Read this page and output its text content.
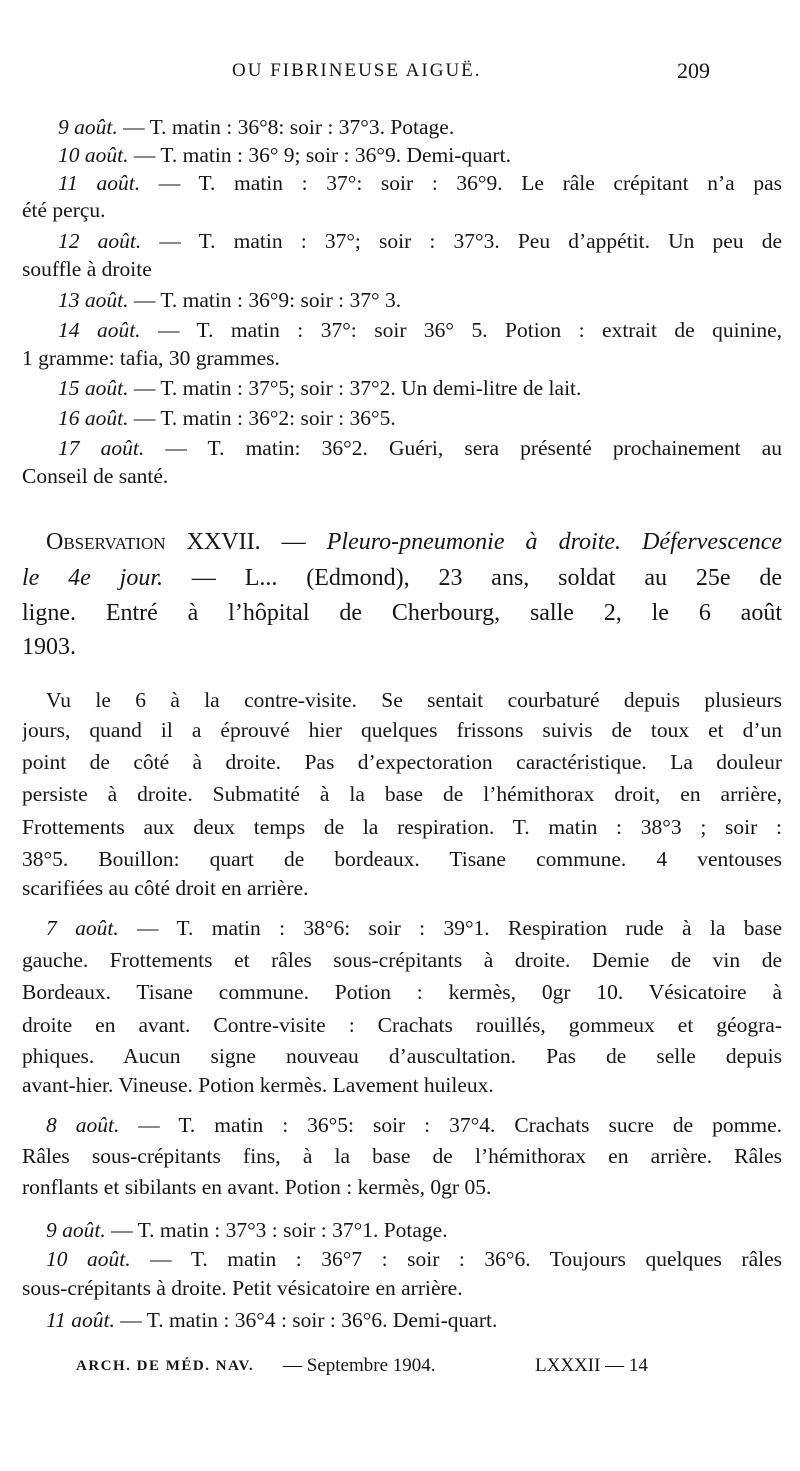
OU FIBRINEUSE AIGUË.	209
9 août. — T. matin : 36°8: soir : 37°3. Potage.
10 août. — T. matin : 36° 9; soir : 36°9. Demi-quart.
11 août. — T. matin : 37°: soir : 36°9. Le râle crépitant n’a pas
été perçu.
12 août. — T. matin : 37°; soir : 37°3. Peu d’appétit. Un peu de
souffle à droite
13 août. — T. matin : 36°9: soir : 37° 3.
14 août. — T. matin : 37°: soir 36° 5. Potion : extrait de quinine,
1 gramme: tafia, 30 grammes.
15 août. — T. matin : 37°5; soir : 37°2. Un demi-litre de lait.
16 août. — T. matin : 36°2: soir : 36°5.
17 août. — T. matin: 36°2. Guéri, sera présenté prochainement au
Conseil de santé.
Observation XXVII. — Pleuro-pneumonie à droite. Défervescence
le 4e jour. — L... (Edmond), 23 ans, soldat au 25e de
ligne. Entré à l’hôpital de Cherbourg, salle 2, le 6 août
1903.
Vu le 6 à la contre-visite. Se sentait courbaturé depuis plusieurs
jours, quand il a éprouvé hier quelques frissons suivis de toux et d’un
point de côté à droite. Pas d’expectoration caractéristique. La douleur
persiste à droite. Submatité à la base de l’hémithorax droit, en arrière,
Frottements aux deux temps de la respiration. T. matin : 38°3 ; soir :
38°5. Bouillon: quart de bordeaux. Tisane commune. 4 ventouses
scarifiées au côté droit en arrière.
7 août. — T. matin : 38°6: soir : 39°1. Respiration rude à la base
gauche. Frottements et râles sous-crépitants à droite. Demie de vin de
Bordeaux. Tisane commune. Potion : kermès, 0gr 10. Vésicatoire à
droite en avant. Contre-visite : Crachats rouillés, gommeux et géogra-
phiques. Aucun signe nouveau d’auscultation. Pas de selle depuis
avant-hier. Vineuse. Potion kermès. Lavement huileux.
8 août. — T. matin : 36°5: soir : 37°4. Crachats sucre de pomme.
Râles sous-crépitants fins, à la base de l’hémithorax en arrière. Râles
ronflants et sibilants en avant. Potion : kermès, 0gr 05.
9 août. — T. matin : 37°3 : soir : 37°1. Potage.
10 août. — T. matin : 36°7 : soir : 36°6. Toujours quelques râles
sous-crépitants à droite. Petit vésicatoire en arrière.
11 août. — T. matin : 36°4 : soir : 36°6. Demi-quart.
ARCH. DE MÉD. NAV. — Septembre 1904.	LXXXII — 14
